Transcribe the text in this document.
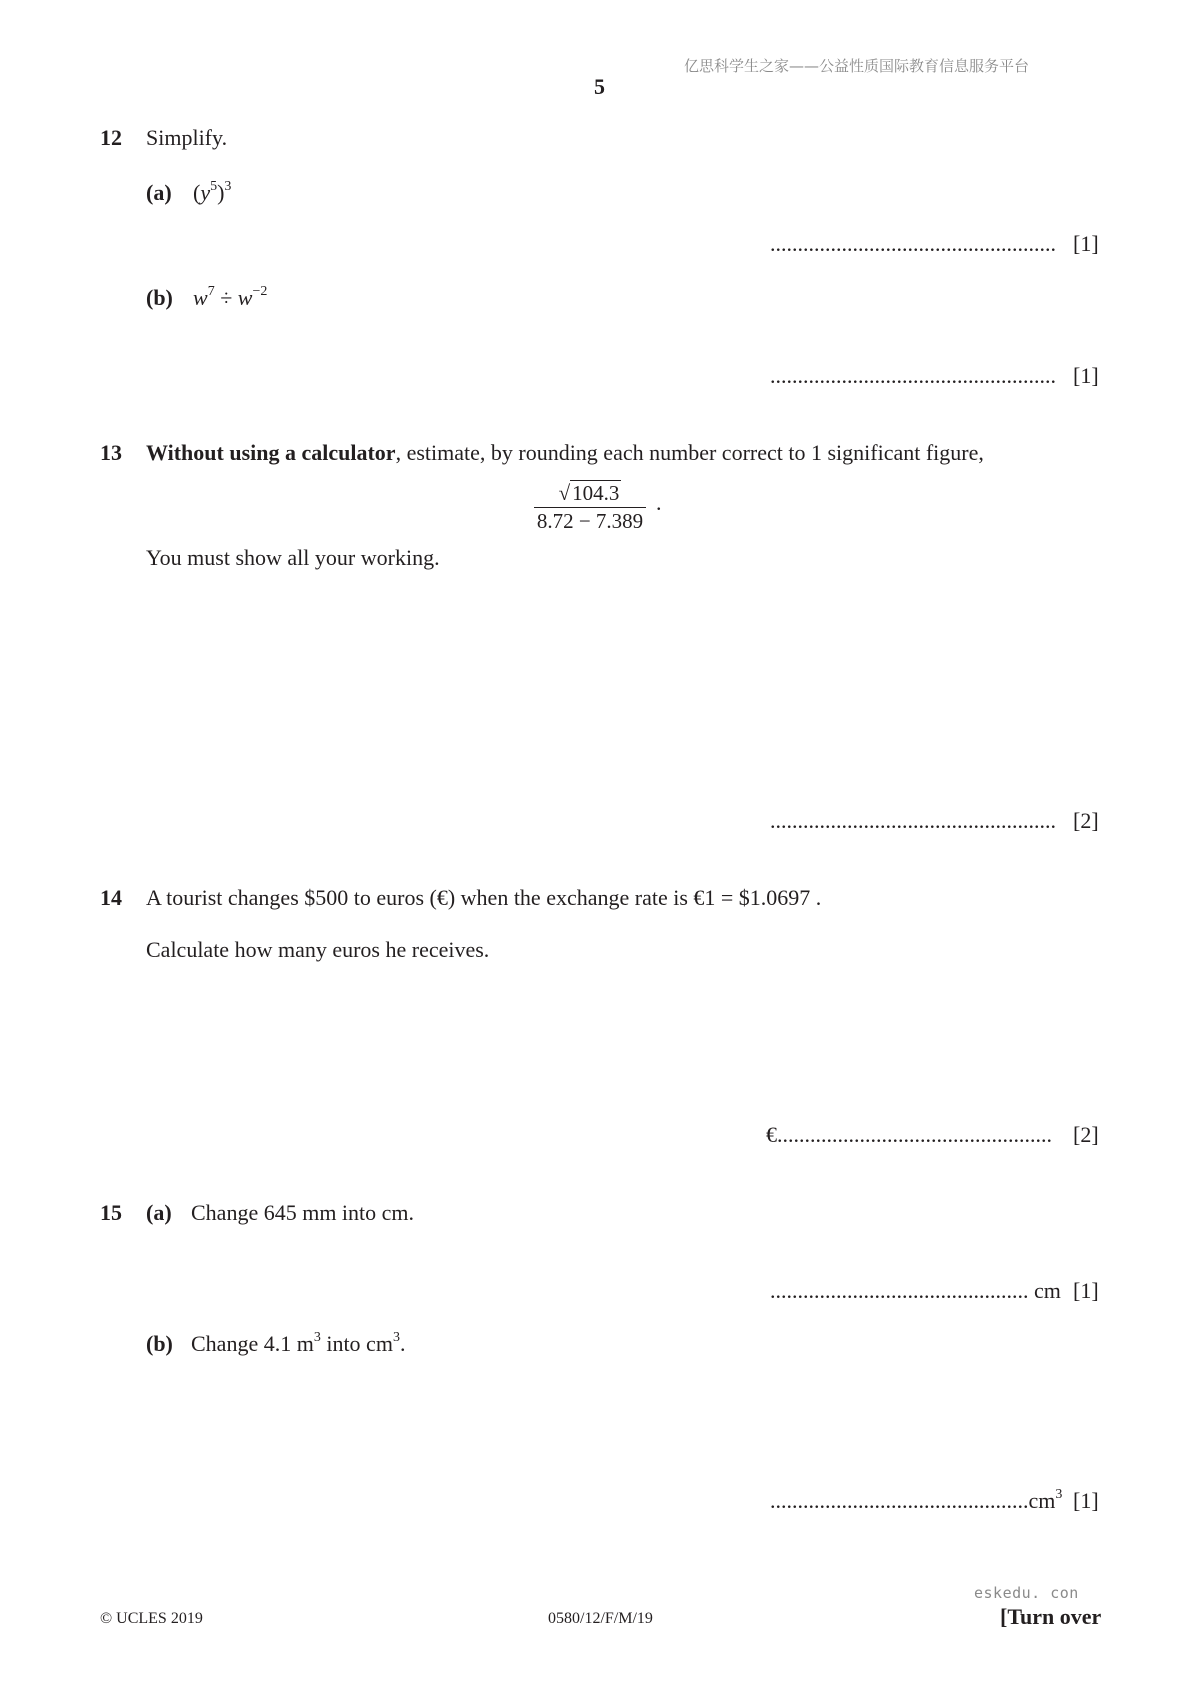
亿思科学生之家——公益性质国际教育信息服务平台
5
12 Simplify.
(a) $(y^5)^3$
.................................................... [1]
(b) $w^7 \div w^{-2}$
.................................................... [1]
13 Without using a calculator, estimate, by rounding each number correct to 1 significant figure,
√104.3
8.72 − 7.389
.
You must show all your working.
.................................................... [2]
14 A tourist changes $500 to euros (€) when the exchange rate is €1 = $1.0697 .
Calculate how many euros he receives.
€.................................................. [2]
15 (a) Change 645 mm into cm.
............................................... cm [1]
(b) Change 4.1 $m^3$ into $cm^3$.
$...............................................cm^3$ [1]
eskedu. con
© UCLES 2019	0580/12/F/M/19	[Turn over
